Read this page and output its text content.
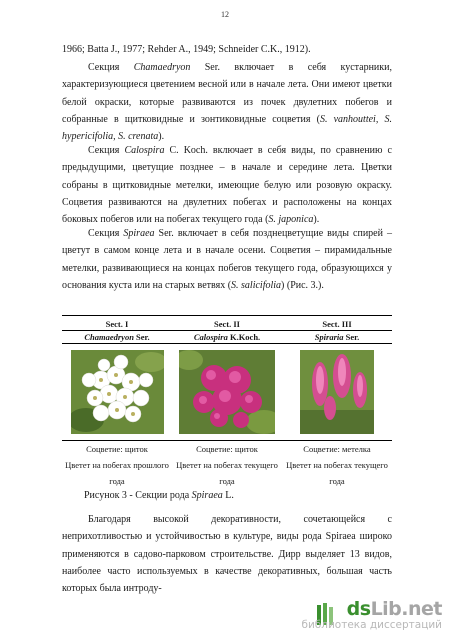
12

1966; Batta J., 1977; Rehder A., 1949; Schneider C.K., 1912).

Секция Chamaedryon Ser. включает в себя кустарники, характеризующиеся цветением весной или в начале лета. Они имеют цветки белой окраски, которые развиваются из почек двулетних побегов и собранные в щитковидные и зонтиковидные соцветия (S. vanhouttei, S. hypericifolia, S. crenata).

Секция Calospira C. Koch. включает в себя виды, по сравнению с предыдущими, цветущие позднее – в начале и середине лета. Цветки собраны в щитковидные метелки, имеющие белую или розовую окраску. Соцветия развиваются на двулетних побегах и расположены на концах боковых побегов или на побегах текущего года (S. japonica).

Секция Spiraea Ser. включает в себя позднецветущие виды спирей – цветут в самом конце лета и в начале осени. Соцветия – пирамидальные метелки, развивающиеся на концах побегов текущего года, образующихся у основания куста или на старых ветвях (S. salicifolia) (Рис. 3.).

Sect. I	Sect. II	Sect. III
Chamaedryon Ser.	Calospira K.Koch.	Spiraria Ser.

Соцветие: щиток	Соцветие: щиток	Соцветие: метелка
Цветет на побегах прошлого года	Цветет на побегах текущего года	Цветет на побегах текущего года
Рисунок 3 - Секции рода Spiraea L.

Благодаря высокой декоративности, сочетающейся с неприхотливостью и устойчивостью в культуре, виды рода Spiraea широко применяются в садово-парковом строительстве. Дирр выделяет 13 видов, наиболее часто используемых в качестве декоративных, большая часть которых была интроду-

dsLib.net
библиотека диссертаций
